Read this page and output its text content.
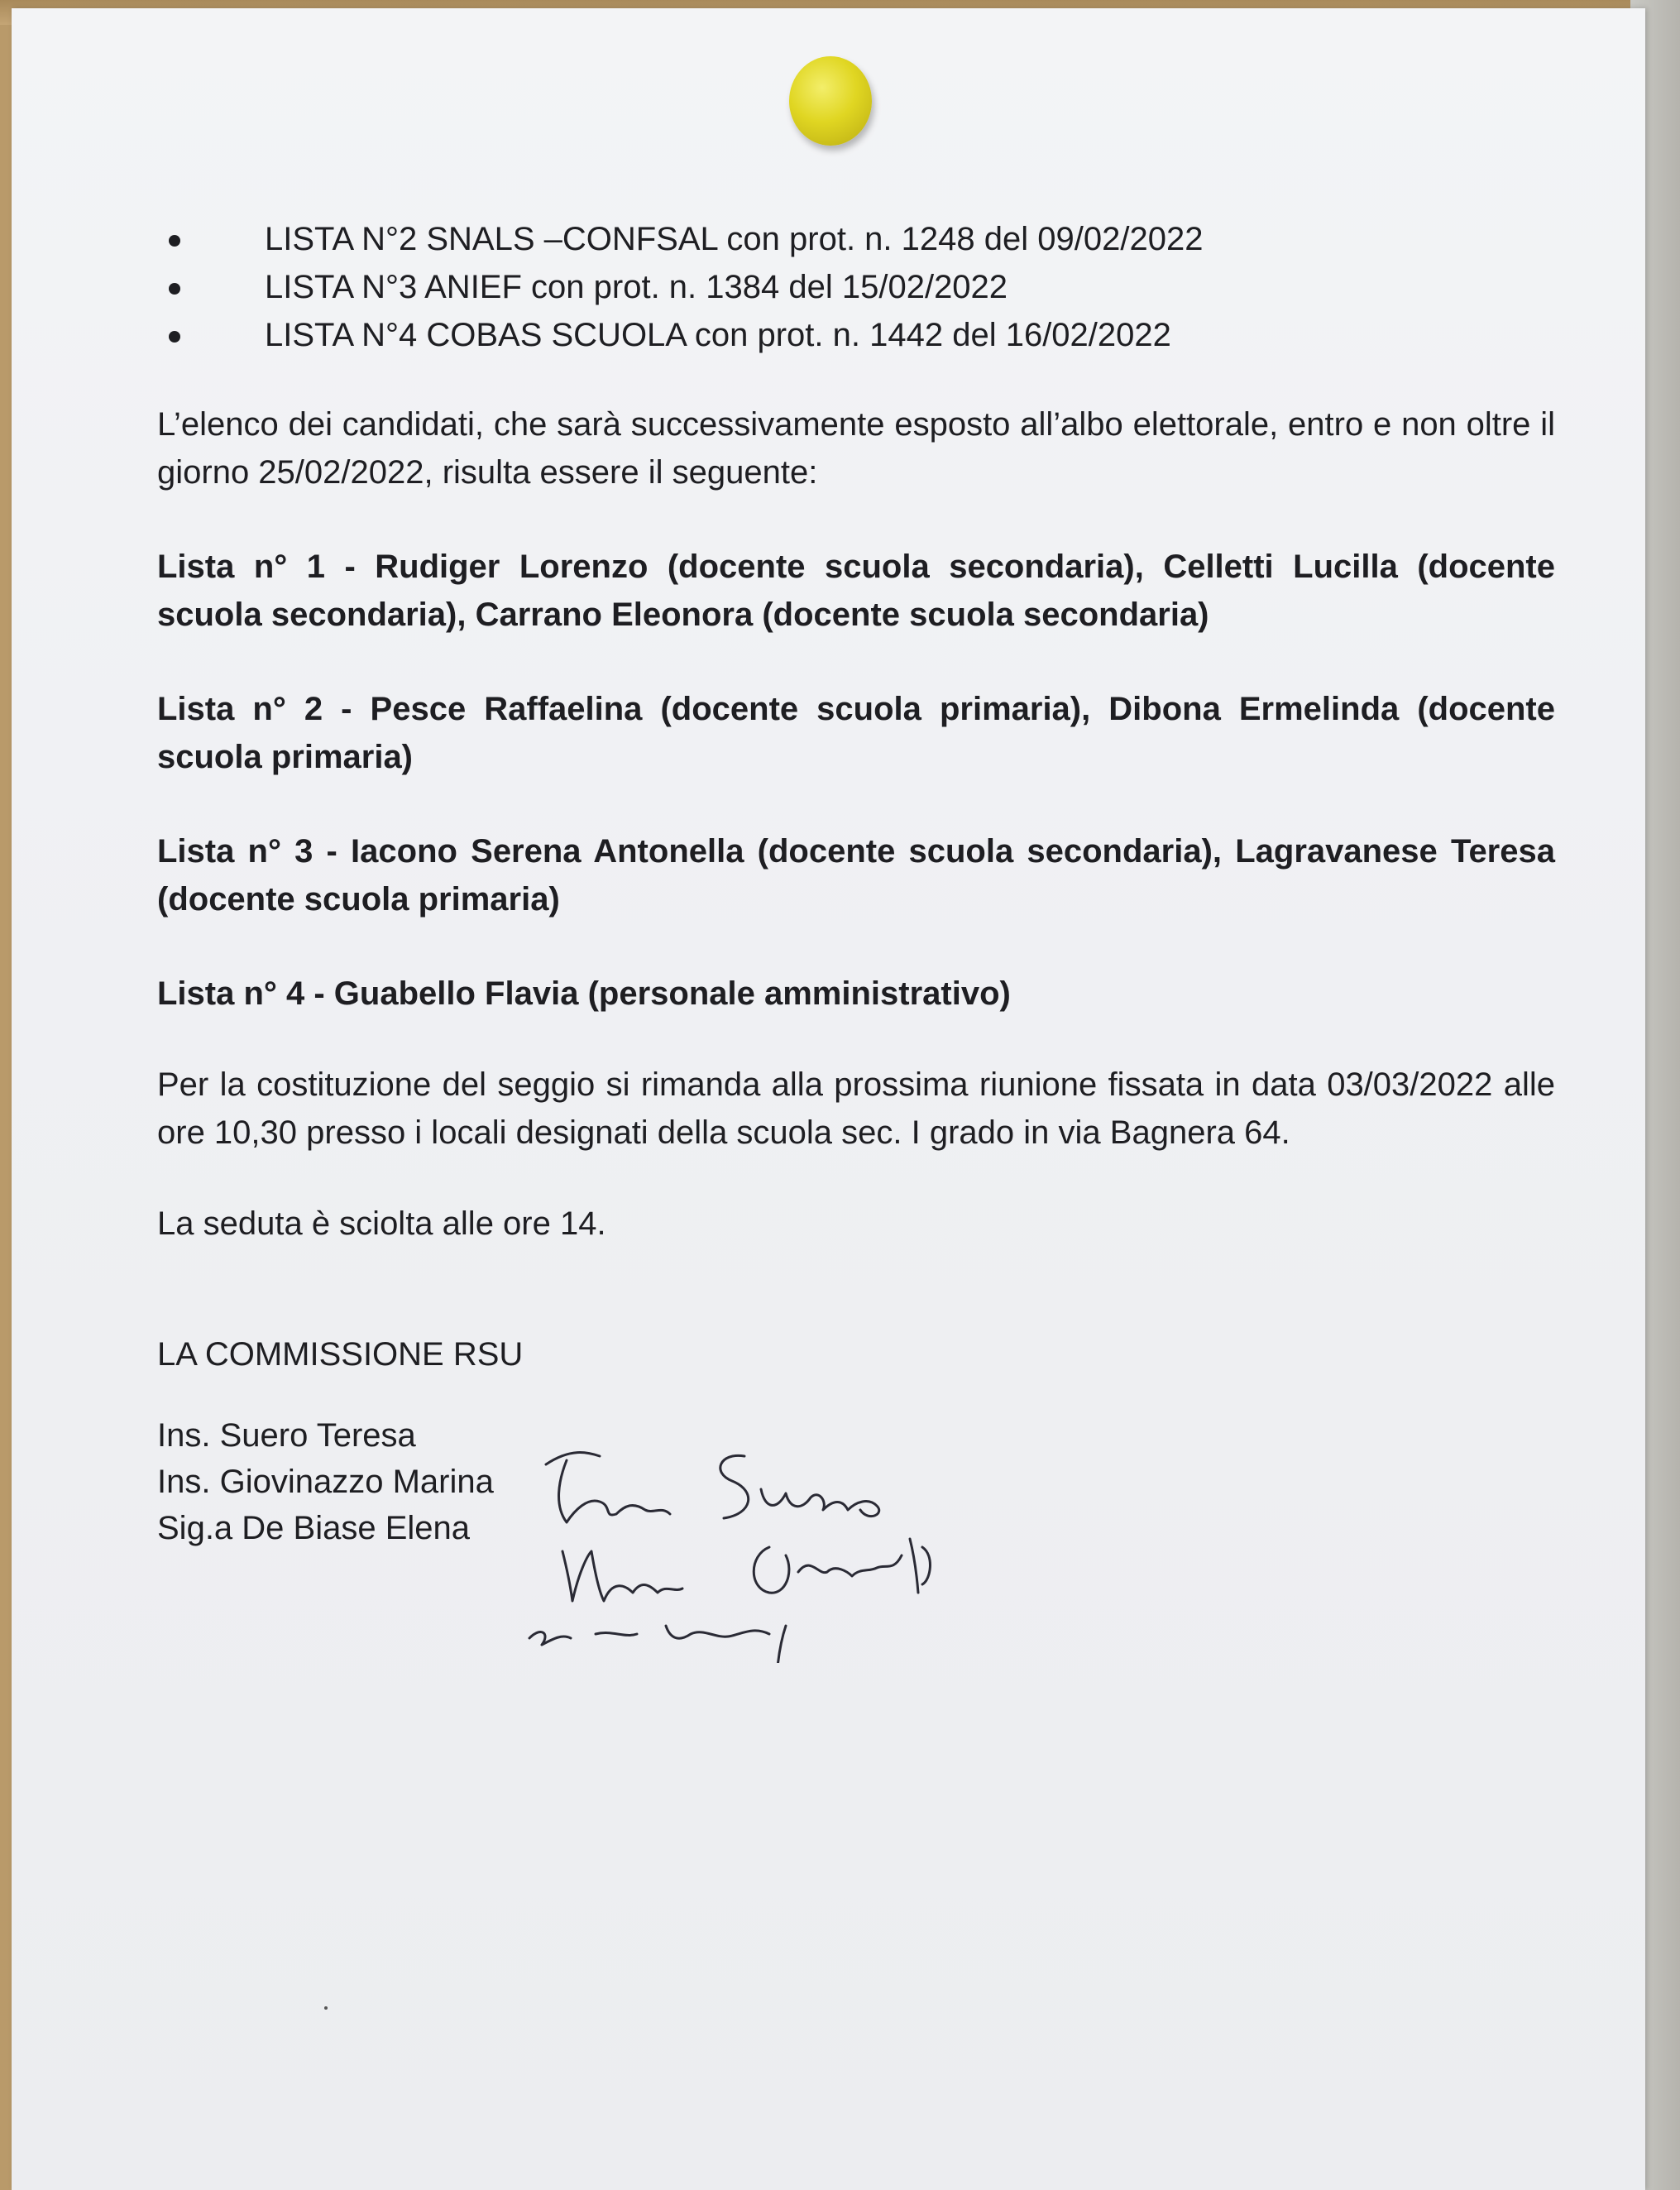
LISTA N°2 SNALS –CONFSAL con prot. n. 1248 del 09/02/2022
LISTA N°3 ANIEF con prot. n. 1384 del 15/02/2022
LISTA N°4 COBAS SCUOLA con prot. n. 1442 del 16/02/2022

L’elenco dei candidati, che sarà successivamente esposto all’albo elettorale, entro e non oltre il giorno 25/02/2022, risulta essere il seguente:

Lista n° 1 - Rudiger Lorenzo (docente scuola secondaria), Celletti Lucilla (docente scuola secondaria), Carrano Eleonora (docente scuola secondaria)

Lista n° 2 - Pesce Raffaelina (docente scuola primaria), Dibona Ermelinda (docente scuola primaria)

Lista n° 3 - Iacono Serena Antonella (docente scuola secondaria), Lagravanese Teresa (docente scuola primaria)

Lista n° 4 - Guabello Flavia (personale amministrativo)

Per la costituzione del seggio si rimanda alla prossima riunione fissata in data 03/03/2022 alle ore 10,30 presso i locali designati della scuola sec. I grado in via Bagnera 64.

La seduta è sciolta alle ore 14.

LA COMMISSIONE RSU
Ins. Suero Teresa
Ins. Giovinazzo Marina
Sig.a De Biase Elena
